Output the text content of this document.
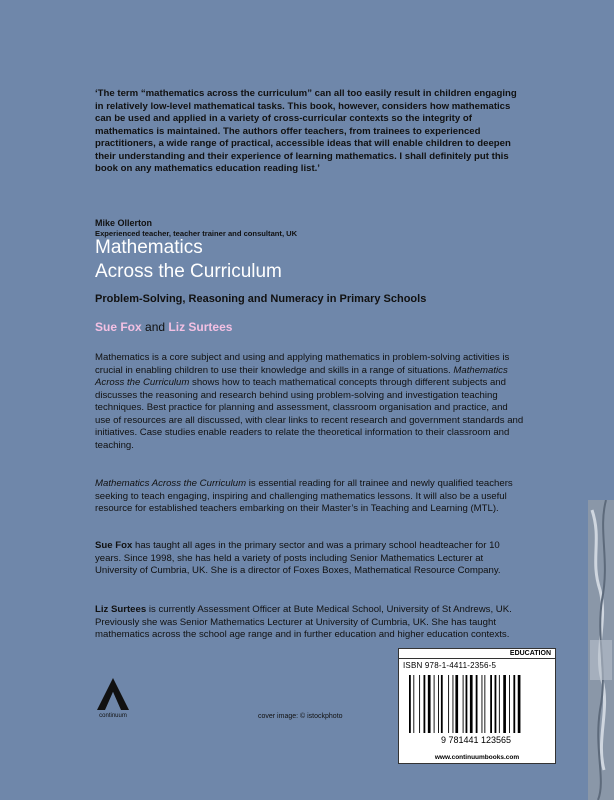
‘The term “mathematics across the curriculum” can all too easily result in children engaging in relatively low-level mathematical tasks. This book, however, considers how mathematics can be used and applied in a variety of cross-curricular contexts so the integrity of mathematics is maintained. The authors offer teachers, from trainees to experienced practitioners, a wide range of practical, accessible ideas that will enable children to deepen their understanding and their experience of learning mathematics. I shall definitely put this book on any mathematics education reading list.’

Mike Ollerton
Experienced teacher, teacher trainer and consultant, UK
Mathematics
Across the Curriculum
Problem-Solving, Reasoning and Numeracy in Primary Schools
Sue Fox and Liz Surtees

Mathematics is a core subject and using and applying mathematics in problem-solving activities is crucial in enabling children to use their knowledge and skills in a range of situations. Mathematics Across the Curriculum shows how to teach mathematical concepts through different subjects and discusses the reasoning and research behind using problem-solving and investigation teaching techniques. Best practice for planning and assessment, classroom organisation and practice, and use of resources are all discussed, with clear links to recent research and government standards and initiatives. Case studies enable readers to relate the theoretical information to their classroom and teaching.

Mathematics Across the Curriculum is essential reading for all trainee and newly qualified teachers seeking to teach engaging, inspiring and challenging mathematics lessons. It will also be a useful resource for established teachers embarking on their Master’s in Teaching and Learning (MTL).

Sue Fox has taught all ages in the primary sector and was a primary school headteacher for 10 years. Since 1998, she has held a variety of posts including Senior Mathematics Lecturer at University of Cumbria, UK. She is a director of Foxes Boxes, Mathematical Resource Company.

Liz Surtees is currently Assessment Officer at Bute Medical School, University of St Andrews, UK. Previously she was Senior Mathematics Lecturer at University of Cumbria, UK. She has taught mathematics across the school age range and in further education and higher education contexts.

continuum	cover image: © istockphoto
EDUCATION
ISBN 978-1-4411-2356-5
9 781441 123565
www.continuumbooks.com
